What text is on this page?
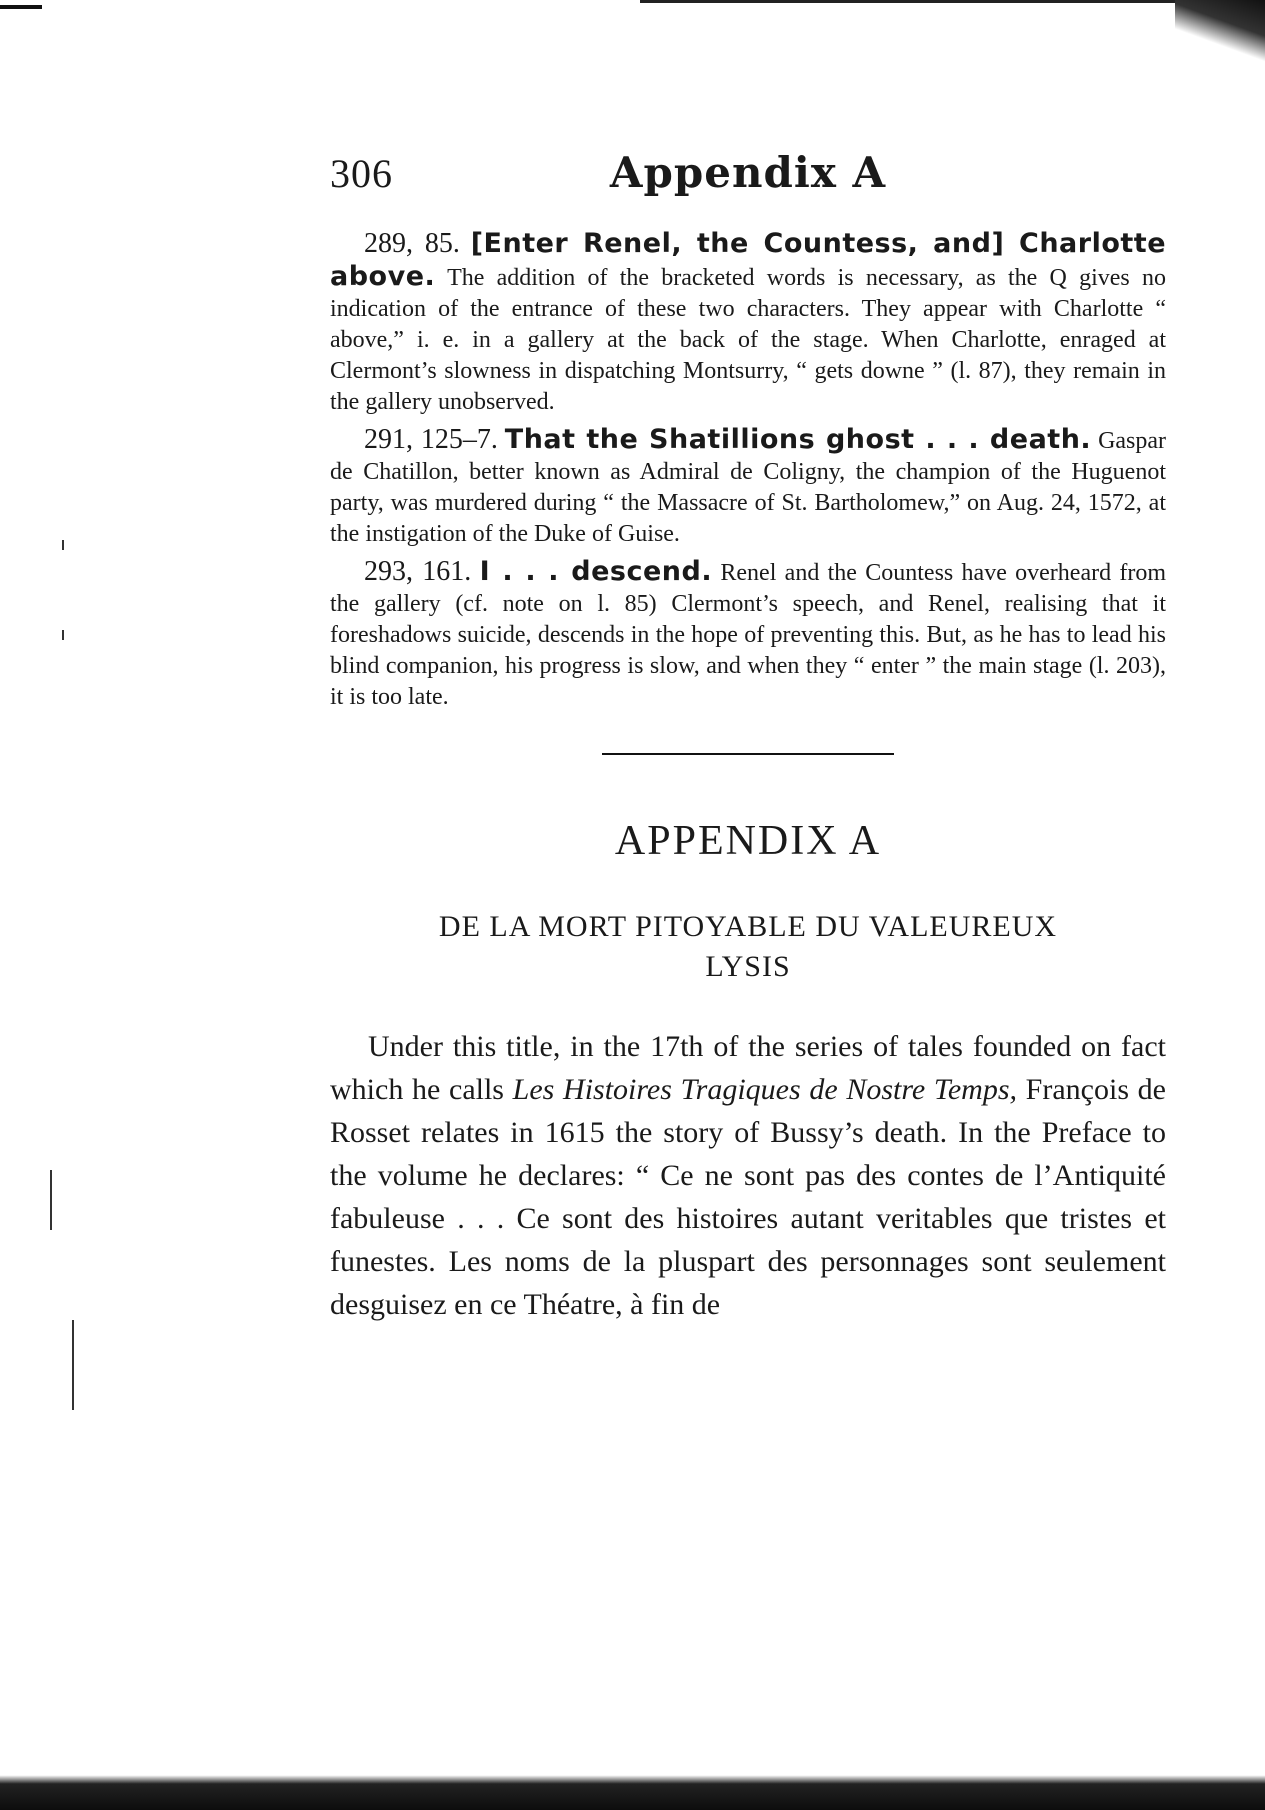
306	Appendix A

289, 85. [Enter Renel, the Countess, and] Charlotte above. The addition of the bracketed words is necessary, as the Q gives no indication of the entrance of these two characters. They appear with Charlotte “ above,” i. e. in a gallery at the back of the stage. When Charlotte, enraged at Clermont’s slowness in dispatching Montsurry, “ gets downe ” (l. 87), they remain in the gallery unobserved.

291, 125–7. That the Shatillions ghost . . . death. Gaspar de Chatillon, better known as Admiral de Coligny, the champion of the Huguenot party, was murdered during “ the Massacre of St. Bartholomew,” on Aug. 24, 1572, at the instigation of the Duke of Guise.

293, 161. I . . . descend. Renel and the Countess have overheard from the gallery (cf. note on l. 85) Clermont’s speech, and Renel, realising that it foreshadows suicide, descends in the hope of preventing this. But, as he has to lead his blind companion, his progress is slow, and when they “ enter ” the main stage (l. 203), it is too late.

APPENDIX A
DE LA MORT PITOYABLE DU VALEUREUX
LYSIS

Under this title, in the 17th of the series of tales founded on fact which he calls Les Histoires Tragiques de Nostre Temps, François de Rosset relates in 1615 the story of Bussy’s death. In the Preface to the volume he declares: “ Ce ne sont pas des contes de l’Antiquité fabuleuse . . . Ce sont des histoires autant veritables que tristes et funestes. Les noms de la pluspart des personnages sont seulement desguisez en ce Théatre, à fin de
